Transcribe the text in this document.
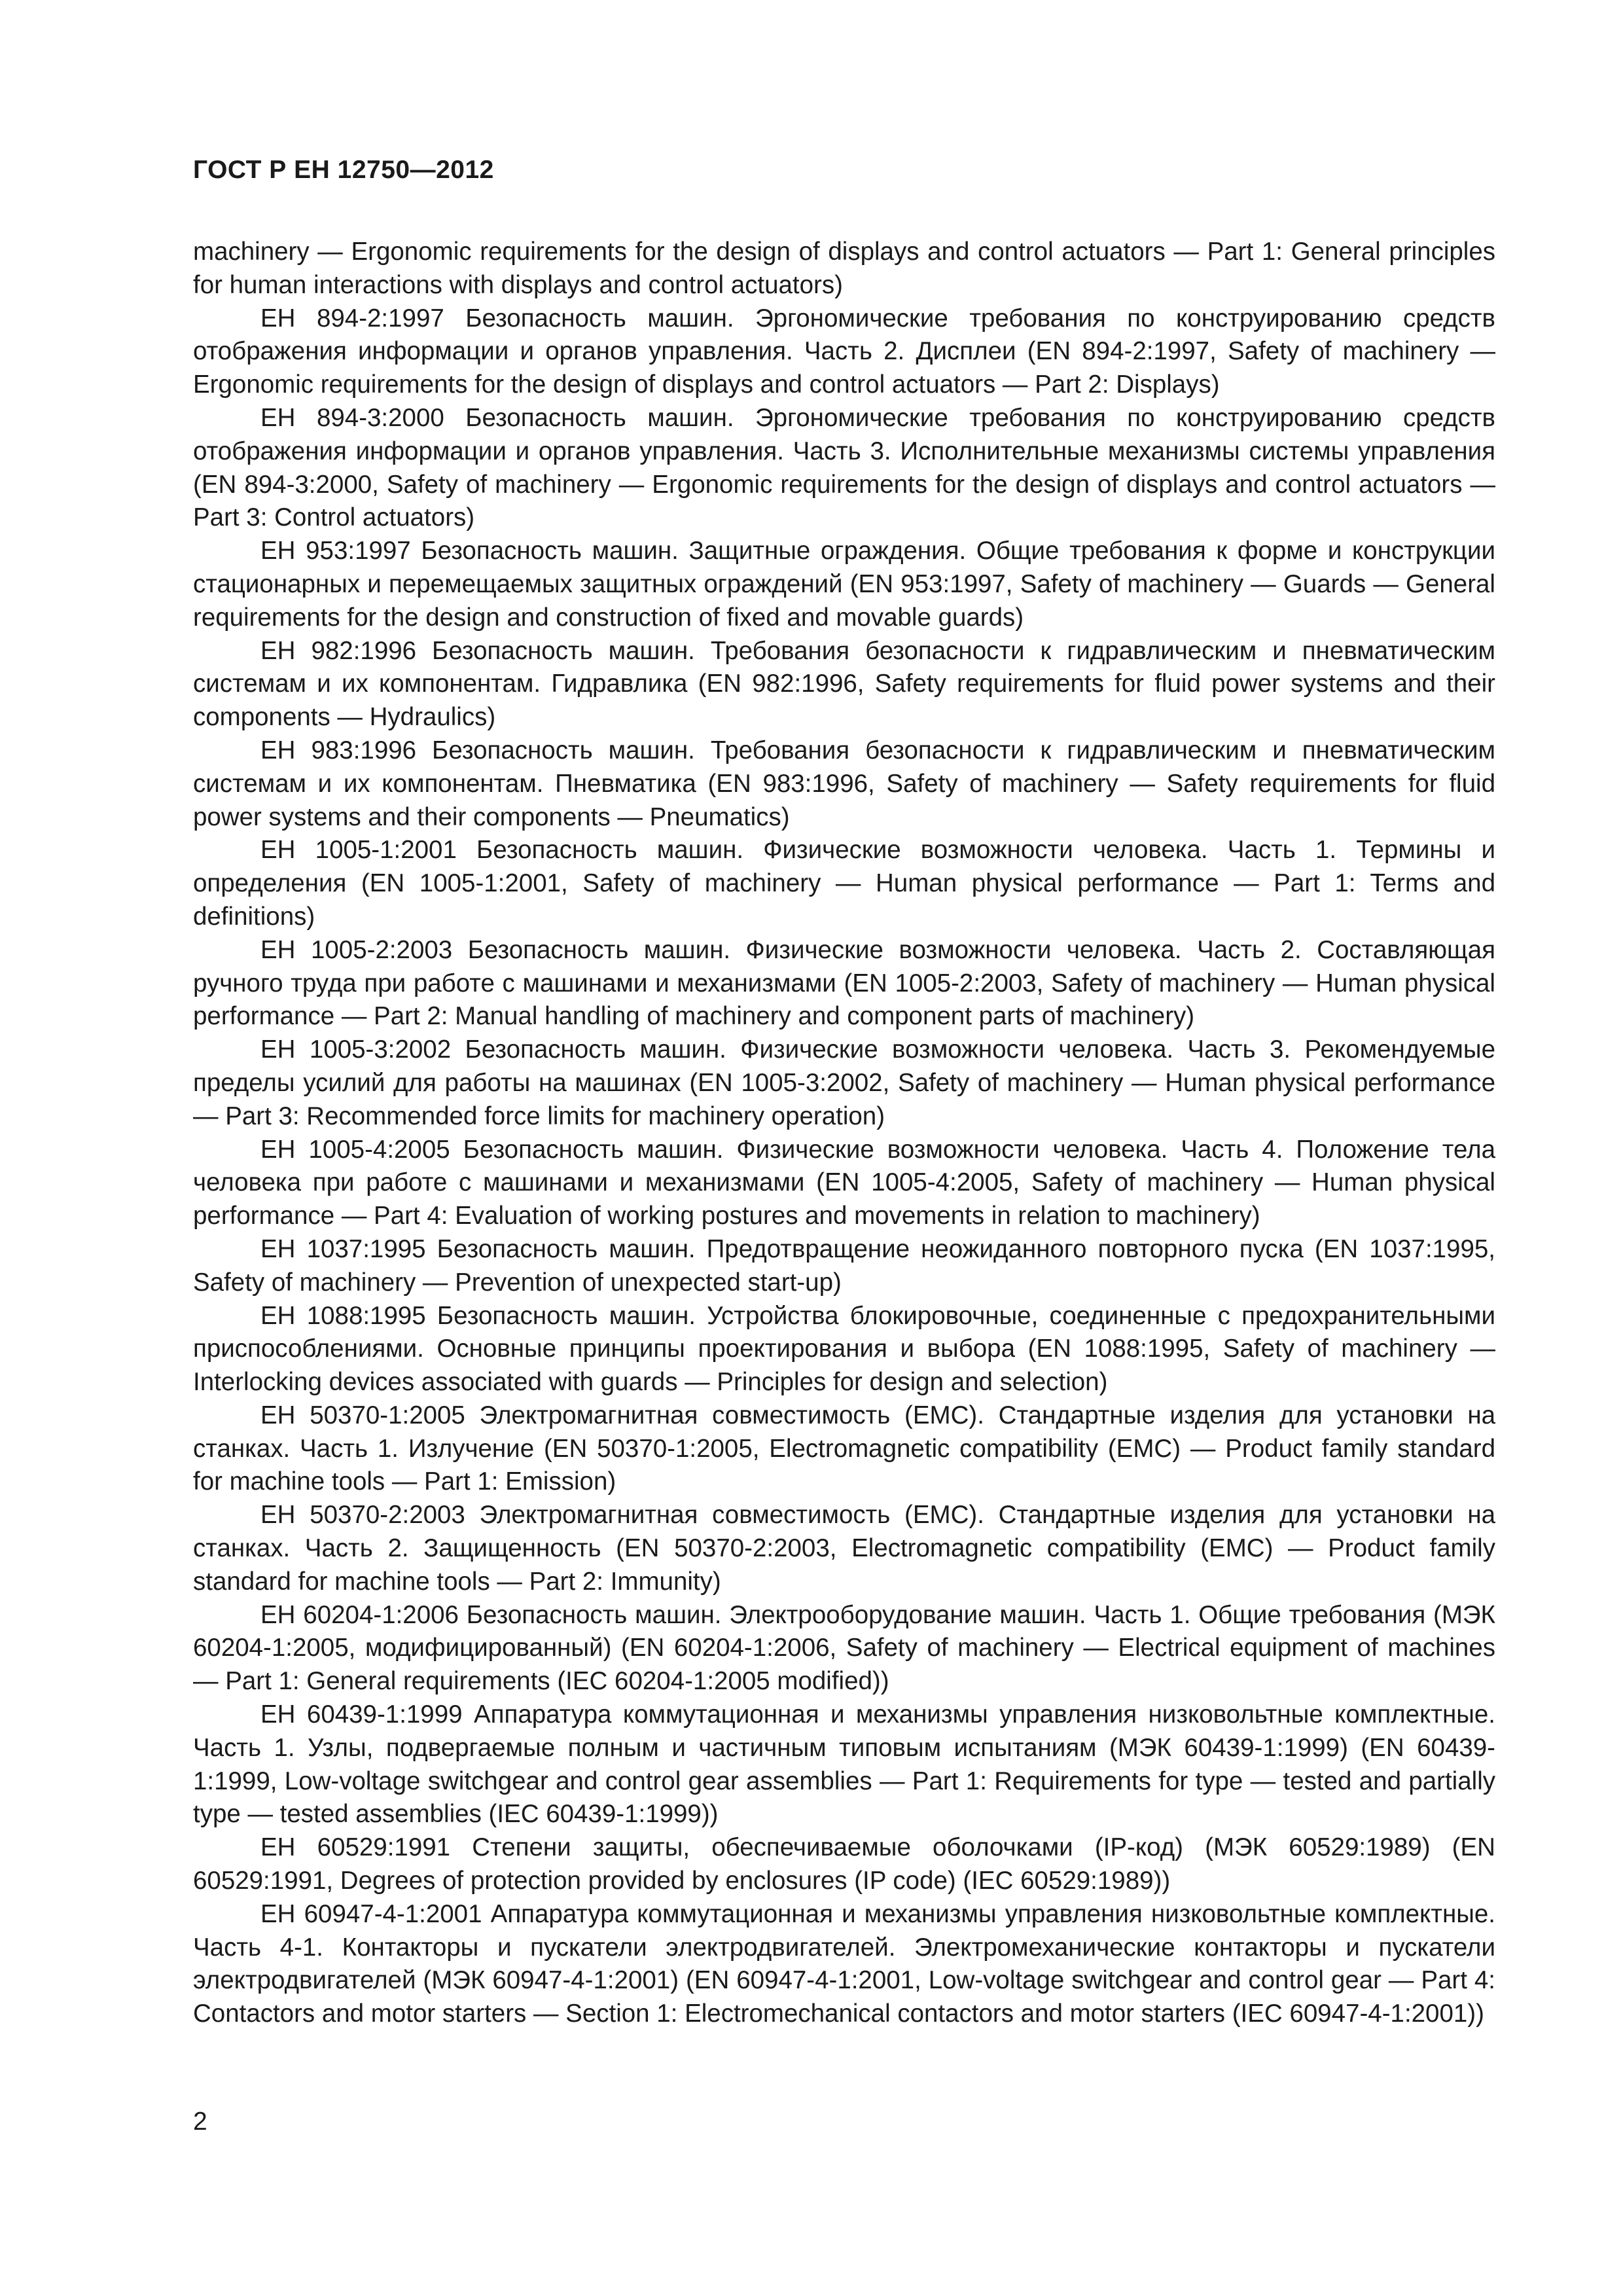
ГОСТ Р ЕН 12750—2012

machinery — Ergonomic requirements for the design of displays and control actuators — Part 1: General principles for human interactions with displays and control actuators)

ЕН 894-2:1997 Безопасность машин. Эргономические требования по конструированию средств отображения информации и органов управления. Часть 2. Дисплеи (EN 894-2:1997, Safety of machinery — Ergonomic requirements for the design of displays and control actuators — Part 2: Displays)

ЕН 894-3:2000 Безопасность машин. Эргономические требования по конструированию средств отображения информации и органов управления. Часть 3. Исполнительные механизмы системы управления (EN 894-3:2000, Safety of machinery — Ergonomic requirements for the design of displays and control actuators — Part 3: Control actuators)

ЕН 953:1997 Безопасность машин. Защитные ограждения. Общие требования к форме и конструкции стационарных и перемещаемых защитных ограждений (EN 953:1997, Safety of machinery — Guards — General requirements for the design and construction of fixed and movable guards)

ЕН 982:1996 Безопасность машин. Требования безопасности к гидравлическим и пневматическим системам и их компонентам. Гидравлика (EN 982:1996, Safety requirements for fluid power systems and their components — Hydraulics)

ЕН 983:1996 Безопасность машин. Требования безопасности к гидравлическим и пневматическим системам и их компонентам. Пневматика (EN 983:1996, Safety of machinery — Safety requirements for fluid power systems and their components — Pneumatics)

ЕН 1005-1:2001 Безопасность машин. Физические возможности человека. Часть 1. Термины и определения (EN 1005-1:2001, Safety of machinery — Human physical performance — Part 1: Terms and definitions)

ЕН 1005-2:2003 Безопасность машин. Физические возможности человека. Часть 2. Составляющая ручного труда при работе с машинами и механизмами (EN 1005-2:2003, Safety of machinery — Human physical performance — Part 2: Manual handling of machinery and component parts of machinery)

ЕН 1005-3:2002 Безопасность машин. Физические возможности человека. Часть 3. Рекомендуемые пределы усилий для работы на машинах (EN 1005-3:2002, Safety of machinery — Human physical performance — Part 3: Recommended force limits for machinery operation)

ЕН 1005-4:2005 Безопасность машин. Физические возможности человека. Часть 4. Положение тела человека при работе с машинами и механизмами (EN 1005-4:2005, Safety of machinery — Human physical performance — Part 4: Evaluation of working postures and movements in relation to machinery)

ЕН 1037:1995 Безопасность машин. Предотвращение неожиданного повторного пуска (EN 1037:1995, Safety of machinery — Prevention of unexpected start-up)

ЕН 1088:1995 Безопасность машин. Устройства блокировочные, соединенные с предохранительными приспособлениями. Основные принципы проектирования и выбора (EN 1088:1995, Safety of machinery — Interlocking devices associated with guards — Principles for design and selection)

ЕН 50370-1:2005 Электромагнитная совместимость (ЕМС). Стандартные изделия для установки на станках. Часть 1. Излучение (EN 50370-1:2005, Electromagnetic compatibility (EMC) — Product family standard for machine tools — Part 1: Emission)

ЕН 50370-2:2003 Электромагнитная совместимость (ЕМС). Стандартные изделия для установки на станках. Часть 2. Защищенность (EN 50370-2:2003, Electromagnetic compatibility (EMC) — Product family standard for machine tools — Part 2: Immunity)

ЕН 60204-1:2006 Безопасность машин. Электрооборудование машин. Часть 1. Общие требования (МЭК 60204-1:2005, модифицированный) (EN 60204-1:2006, Safety of machinery — Electrical equipment of machines — Part 1: General requirements (IEC 60204-1:2005 modified))

ЕН 60439-1:1999 Аппаратура коммутационная и механизмы управления низковольтные комплектные. Часть 1. Узлы, подвергаемые полным и частичным типовым испытаниям (МЭК 60439-1:1999) (EN 60439-1:1999, Low-voltage switchgear and control gear assemblies — Part 1: Requirements for type — tested and partially type — tested assemblies (IEC 60439-1:1999))

ЕН 60529:1991 Степени защиты, обеспечиваемые оболочками (IP-код) (МЭК 60529:1989) (EN 60529:1991, Degrees of protection provided by enclosures (IP code) (IEC 60529:1989))

ЕН 60947-4-1:2001 Аппаратура коммутационная и механизмы управления низковольтные комплектные. Часть 4-1. Контакторы и пускатели электродвигателей. Электромеханические контакторы и пускатели электродвигателей (МЭК 60947-4-1:2001) (EN 60947-4-1:2001, Low-voltage switchgear and control gear — Part 4: Contactors and motor starters — Section 1: Electromechanical contactors and motor starters (IEC 60947-4-1:2001))

2
